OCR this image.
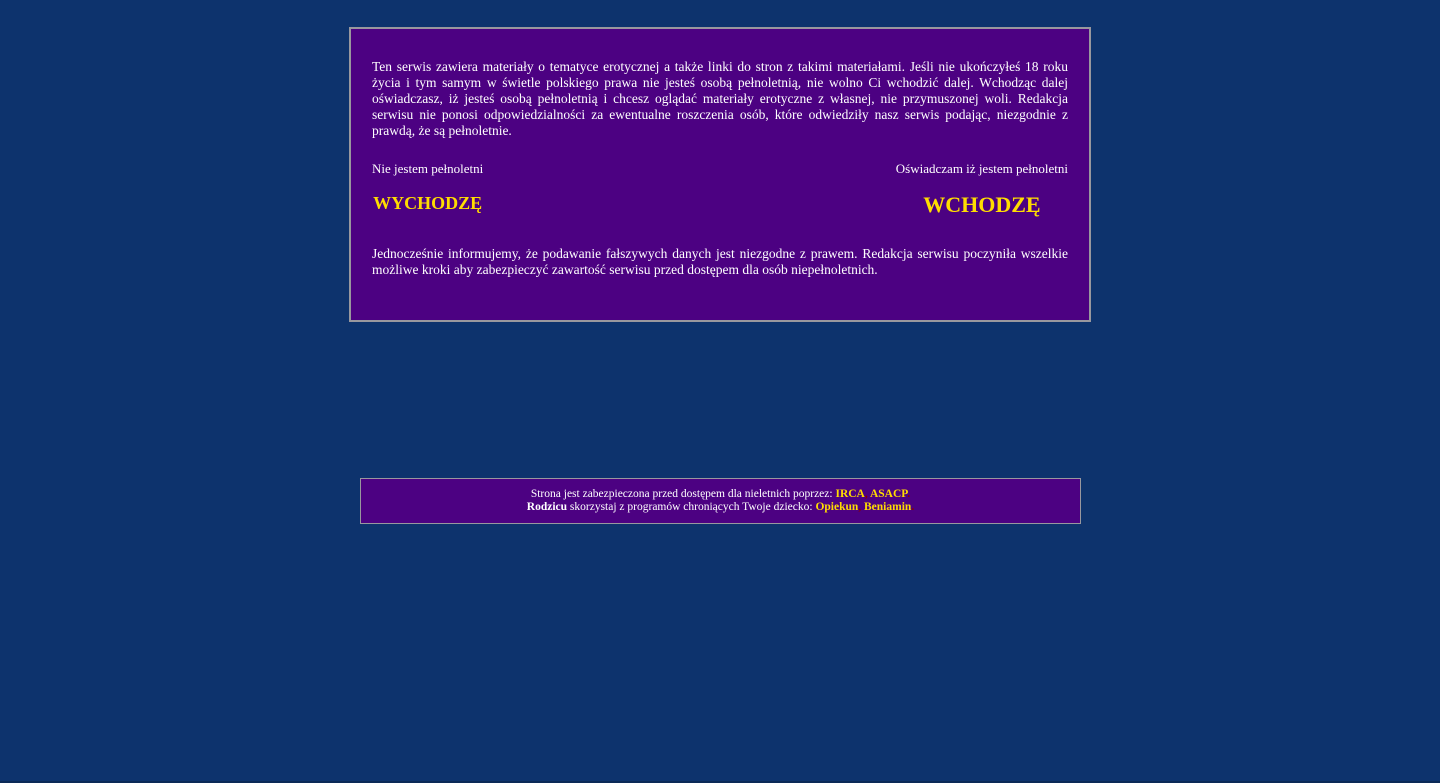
Ten serwis zawiera materiały o tematyce erotycznej a także linki do stron z takimi materiałami. Jeśli nie ukończyłeś 18 roku życia i tym samym w świetle polskiego prawa nie jesteś osobą pełnoletnią, nie wolno Ci wchodzić dalej. Wchodząc dalej oświadczasz, iż jesteś osobą pełnoletnią i chcesz oglądać materiały erotyczne z własnej, nie przymuszonej woli. Redakcja serwisu nie ponosi odpowiedzialności za ewentualne roszczenia osób, które odwiedziły nasz serwis podając, niezgodnie z prawdą, że są pełnoletnie.

Nie jestem pełnoletni
WYCHODZĘ
Oświadczam iż jestem pełnoletni
WCHODZĘ

Jednocześnie informujemy, że podawanie fałszywych danych jest niezgodne z prawem. Redakcja serwisu poczyniła wszelkie możliwe kroki aby zabezpieczyć zawartość serwisu przed dostępem dla osób niepełnoletnich.

Strona jest zabezpieczona przed dostępem dla nieletnich poprzez: IRCA, ASACP.
Rodzicu skorzystaj z programów chroniących Twoje dziecko: Opiekun, Beniamin.
